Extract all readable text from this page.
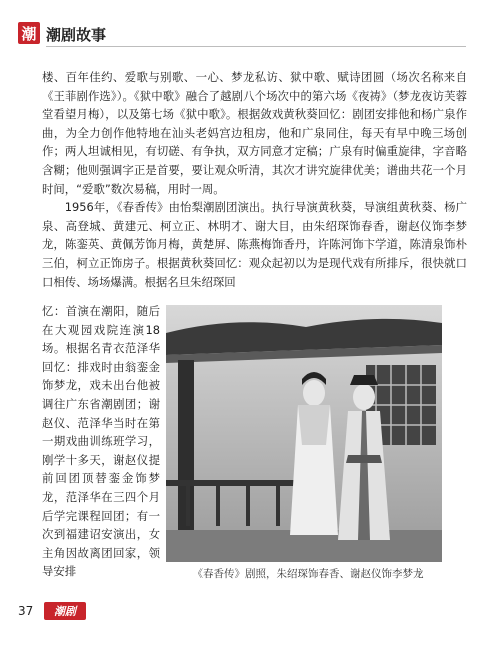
潮 潮剧故事

楼、百年佳约、爱歌与别歌、一心、梦龙私访、狱中歌、赋诗团圆（场次名称来自《王菲剧作选》）。《狱中歌》融合了越剧八个场次中的第六场《夜祷》（梦龙夜访芙蓉堂看望月梅），以及第七场《狱中歌》。根据敛戏黄秋葵回忆：剧团安排他和杨广泉作曲，为全力创作他特地在汕头老妈宫边租房，他和广泉同住，每天有早中晚三场创作；两人坦诚相见，有切磋、有争执，双方同意才定稿；广泉有时偏重旋律，字音略含糊；他则强调字正是首要，要让观众听清，其次才讲究旋律优美；谱曲共花一个月时间，“爱歌”数次易稿，用时一周。

1956年，《春香传》由怡梨潮剧团演出。执行导演黄秋葵，导演组黄秋葵、杨广泉、高登城、黄建元、柯立正、林明才、谢大目，由朱绍琛饰春香，谢赵仪饰李梦龙，陈銮英、黄佩芳饰月梅，黄楚屏、陈燕梅饰香丹，许陈河饰卞学道，陈清泉饰朴三伯，柯立正饰房子。根据黄秋葵回忆：观众起初以为是现代戏有所排斥，很快就口口相传、场场爆满。根据名旦朱绍琛回

忆：首演在潮阳，随后在大观园戏院连演18场。根据名青衣范泽华回忆：排戏时由翁銮金饰梦龙，戏未出台他被调往广东省潮剧团；谢赵仪、范泽华当时在第一期戏曲训练班学习，刚学十多天，谢赵仪提前回团顶替銮金饰梦龙，范泽华在三四个月后学完课程回团；有一次到福建诏安演出，女主角因故离团回家，领导安排	《春香传》剧照，朱绍琛饰春香、谢赵仪饰李梦龙
37 潮剧
